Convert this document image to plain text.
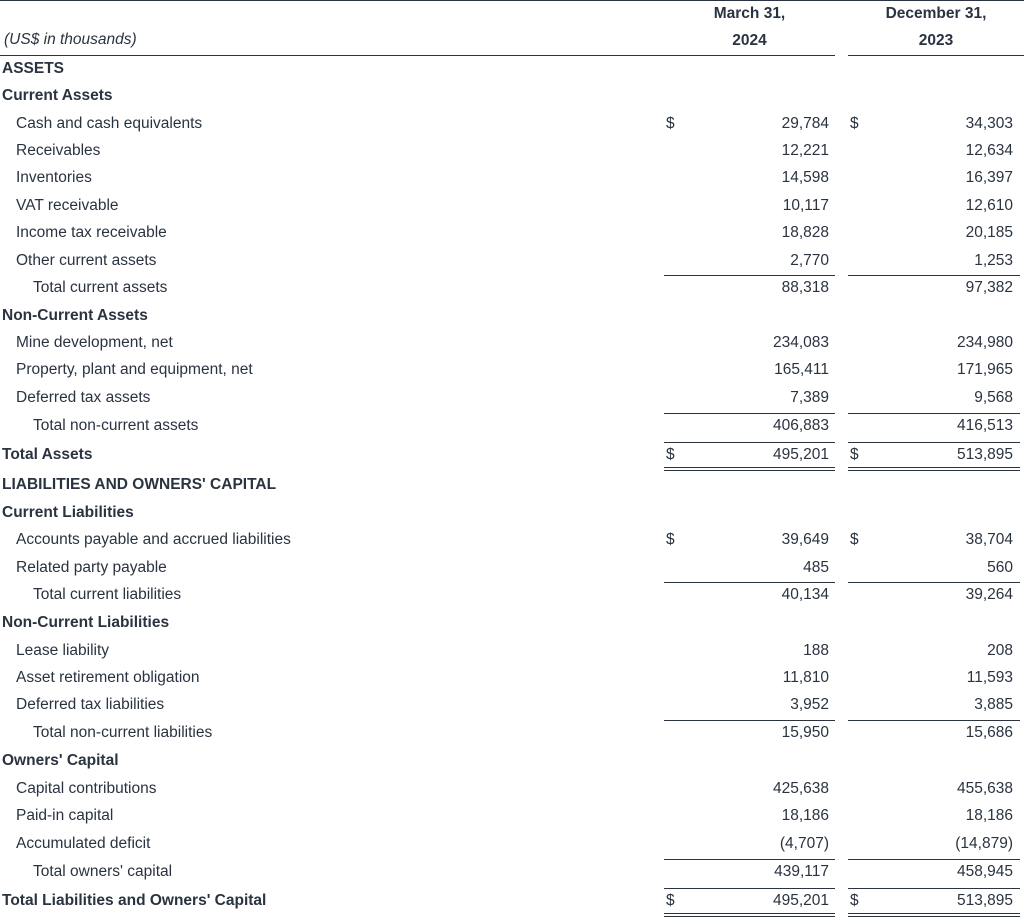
March 31,
2024
December 31,
2023
(US$ in thousands)
ASSETS
Current Assets
Cash and cash equivalents	$	29,784 $	34,303
Receivables	12,221	12,634
Inventories	14,598	16,397
VAT receivable	10,117	12,610
Income tax receivable	18,828	20,185
Other current assets	2,770	1,253
Total current assets	88,318	97,382
Non-Current Assets
Mine development, net	234,083	234,980
Property, plant and equipment, net	165,411	171,965
Deferred tax assets	7,389	9,568
Total non-current assets	406,883	416,513
Total Assets	$	495,201 $	513,895
LIABILITIES AND OWNERS' CAPITAL
Current Liabilities
Accounts payable and accrued liabilities	$	39,649 $	38,704
Related party payable	485	560
Total current liabilities	40,134	39,264
Non-Current Liabilities
Lease liability	188	208
Asset retirement obligation	11,810	11,593
Deferred tax liabilities	3,952	3,885
Total non-current liabilities	15,950	15,686
Owners' Capital
Capital contributions	425,638	455,638
Paid-in capital	18,186	18,186
Accumulated deficit	(4,707)	(14,879)
Total owners' capital	439,117	458,945
Total Liabilities and Owners' Capital	$	495,201 $	513,895
